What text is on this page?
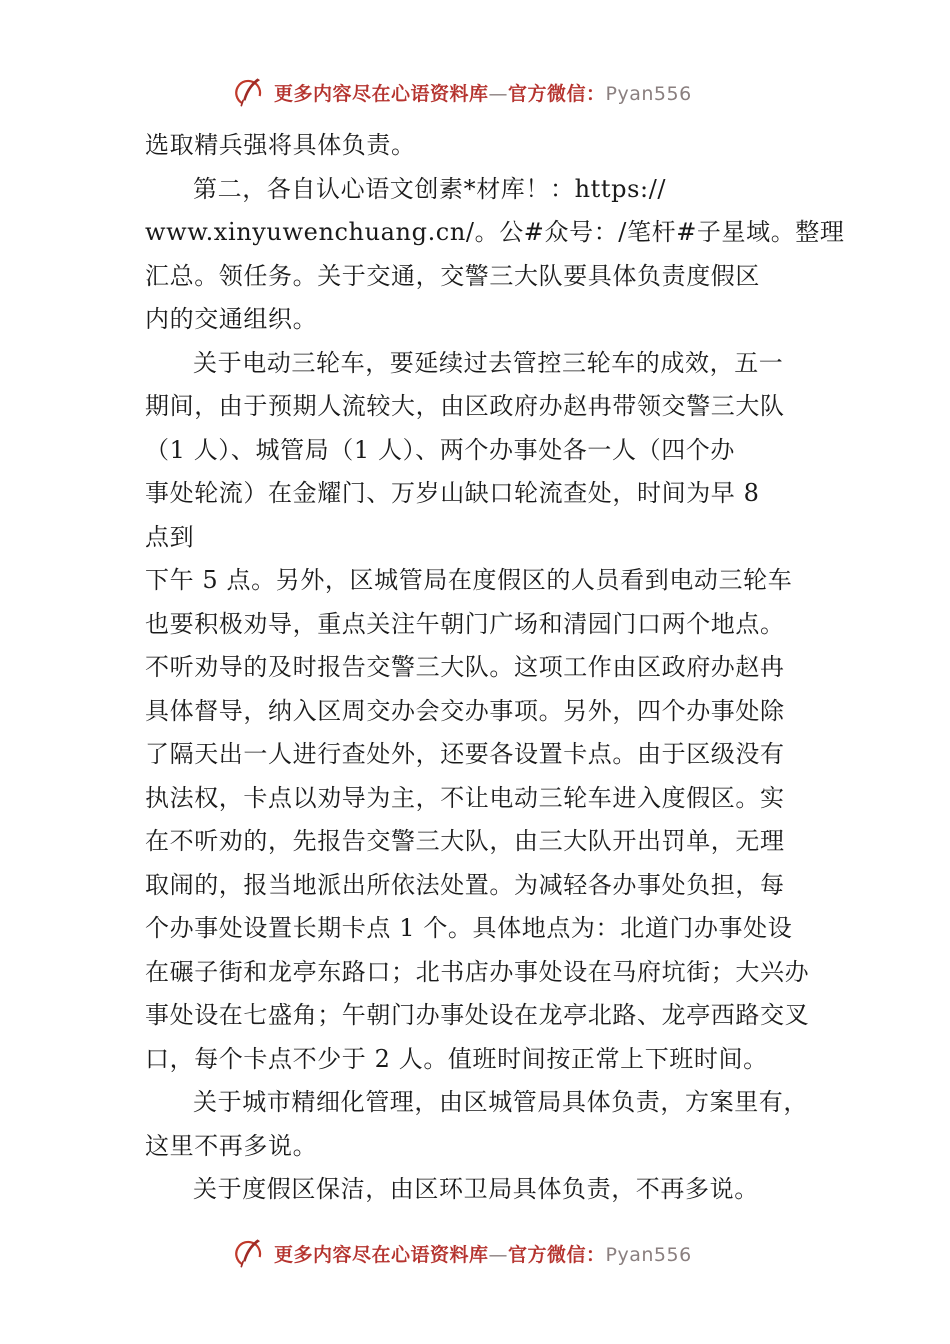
更多内容尽在心语资料库—官方微信：Pyan556
选取精兵强将具体负责。
第二，各自认心语文创素*材库！：https://
www.xinyuwenchuang.cn/。公#众号：/笔杆#子星域。整理
汇总。领任务。关于交通，交警三大队要具体负责度假区
内的交通组织。
关于电动三轮车，要延续过去管控三轮车的成效，五一
期间，由于预期人流较大，由区政府办赵冉带领交警三大队
（1 人）、城管局（1 人）、两个办事处各一人（四个办
事处轮流）在金耀门、万岁山缺口轮流查处，时间为早 8
点到
下午 5 点。另外，区城管局在度假区的人员看到电动三轮车
也要积极劝导，重点关注午朝门广场和清园门口两个地点。
不听劝导的及时报告交警三大队。这项工作由区政府办赵冉
具体督导，纳入区周交办会交办事项。另外，四个办事处除
了隔天出一人进行查处外，还要各设置卡点。由于区级没有
执法权，卡点以劝导为主，不让电动三轮车进入度假区。实
在不听劝的，先报告交警三大队，由三大队开出罚单，无理
取闹的，报当地派出所依法处置。为减轻各办事处负担，每
个办事处设置长期卡点 1 个。具体地点为：北道门办事处设
在碾子街和龙亭东路口；北书店办事处设在马府坑街；大兴办
事处设在七盛角；午朝门办事处设在龙亭北路、龙亭西路交叉
口，每个卡点不少于 2 人。值班时间按正常上下班时间。
关于城市精细化管理，由区城管局具体负责，方案里有，
这里不再多说。
关于度假区保洁，由区环卫局具体负责，不再多说。
更多内容尽在心语资料库—官方微信：Pyan556
